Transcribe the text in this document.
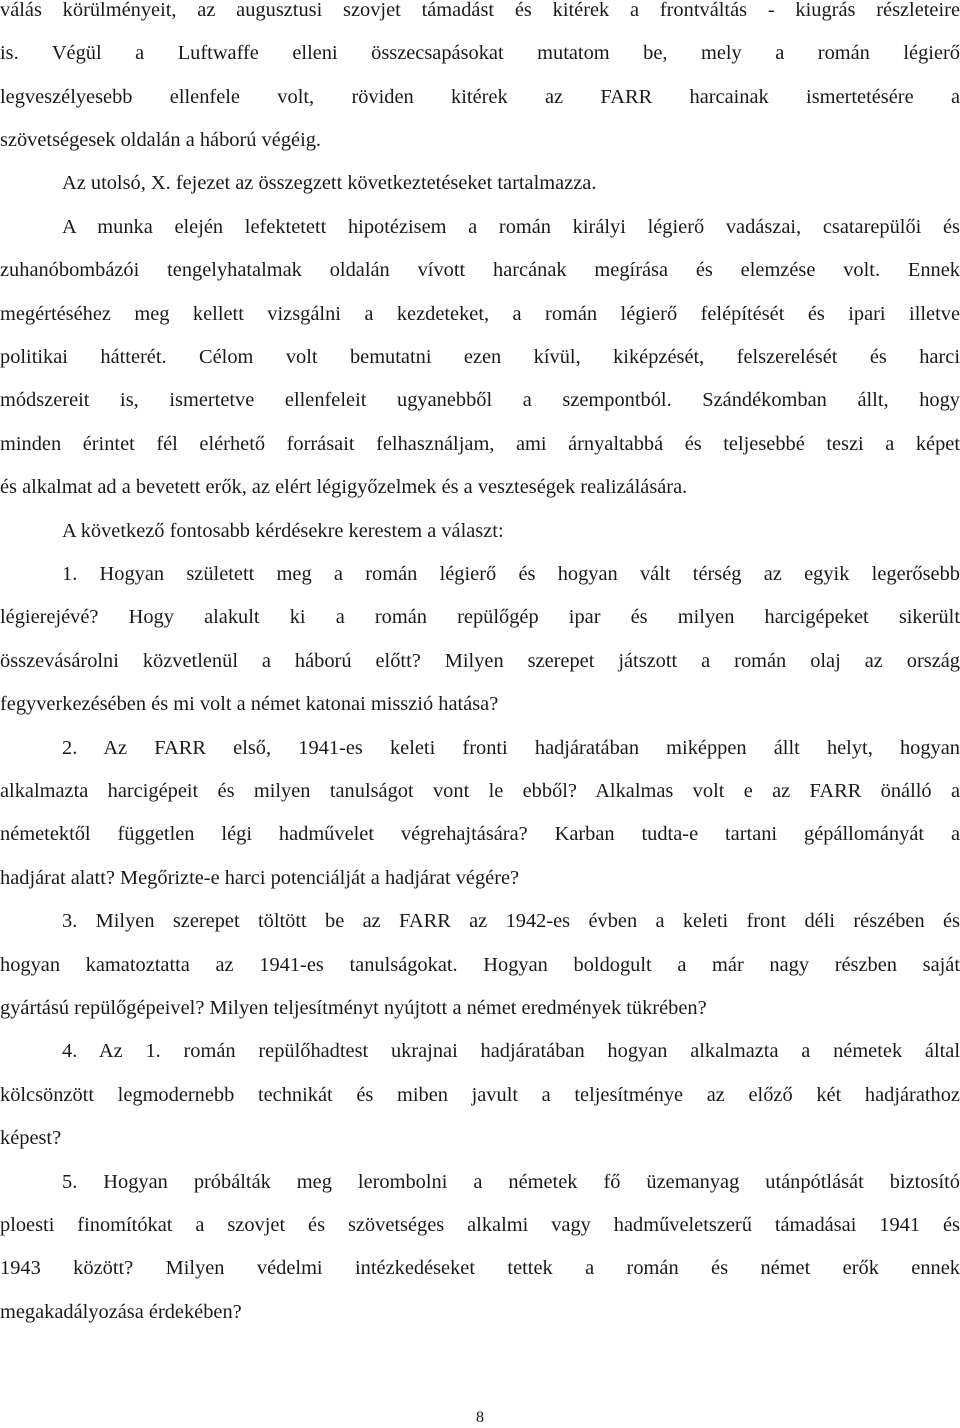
válás körülményeit, az augusztusi szovjet támadást és kitérek a frontváltás - kiugrás részleteire

is. Végül a Luftwaffe elleni összecsapásokat mutatom be, mely a román légierő

legveszélyesebb ellenfele volt, röviden kitérek az FARR harcainak ismertetésére a

szövetségesek oldalán a háború végéig.

Az utolsó, X. fejezet az összegzett következtetéseket tartalmazza.

A munka elején lefektetett hipotézisem a román királyi légierő vadászai, csatarepülői és

zuhanóbombázói tengelyhatalmak oldalán vívott harcának megírása és elemzése volt. Ennek

megértéséhez meg kellett vizsgálni a kezdeteket, a román légierő felépítését és ipari illetve

politikai hátterét. Célom volt bemutatni ezen kívül, kiképzését, felszerelését és harci

módszereit is, ismertetve ellenfeleit ugyanebből a szempontból. Szándékomban állt, hogy

minden érintet fél elérhető forrásait felhasználjam, ami árnyaltabbá és teljesebbé teszi a képet

és alkalmat ad a bevetett erők, az elért légigyőzelmek és a veszteségek realizálására.

A következő fontosabb kérdésekre kerestem a választ:

1. Hogyan született meg a román légierő és hogyan vált térség az egyik legerősebb

légierejévé? Hogy alakult ki a román repülőgép ipar és milyen harcigépeket sikerült

összevásárolni közvetlenül a háború előtt? Milyen szerepet játszott a román olaj az ország

fegyverkezésében és mi volt a német katonai misszió hatása?

2. Az FARR első, 1941-es keleti fronti hadjáratában miképpen állt helyt, hogyan

alkalmazta harcigépeit és milyen tanulságot vont le ebből? Alkalmas volt e az FARR önálló a

németektől független légi hadművelet végrehajtására? Karban tudta-e tartani gépállományát a

hadjárat alatt? Megőrizte-e harci potenciálját a hadjárat végére?

3. Milyen szerepet töltött be az FARR az 1942-es évben a keleti front déli részében és

hogyan kamatoztatta az 1941-es tanulságokat. Hogyan boldogult a már nagy részben saját

gyártású repülőgépeivel? Milyen teljesítményt nyújtott a német eredmények tükrében?

4. Az 1. román repülőhadtest ukrajnai hadjáratában hogyan alkalmazta a németek által

kölcsönzött legmodernebb technikát és miben javult a teljesítménye az előző két hadjárathoz

képest?

5. Hogyan próbálták meg lerombolni a németek fő üzemanyag utánpótlását biztosító

ploesti finomítókat a szovjet és szövetséges alkalmi vagy hadműveletszerű támadásai 1941 és

1943 között? Milyen védelmi intézkedéseket tettek a román és német erők ennek

megakadályozása érdekében?

8
